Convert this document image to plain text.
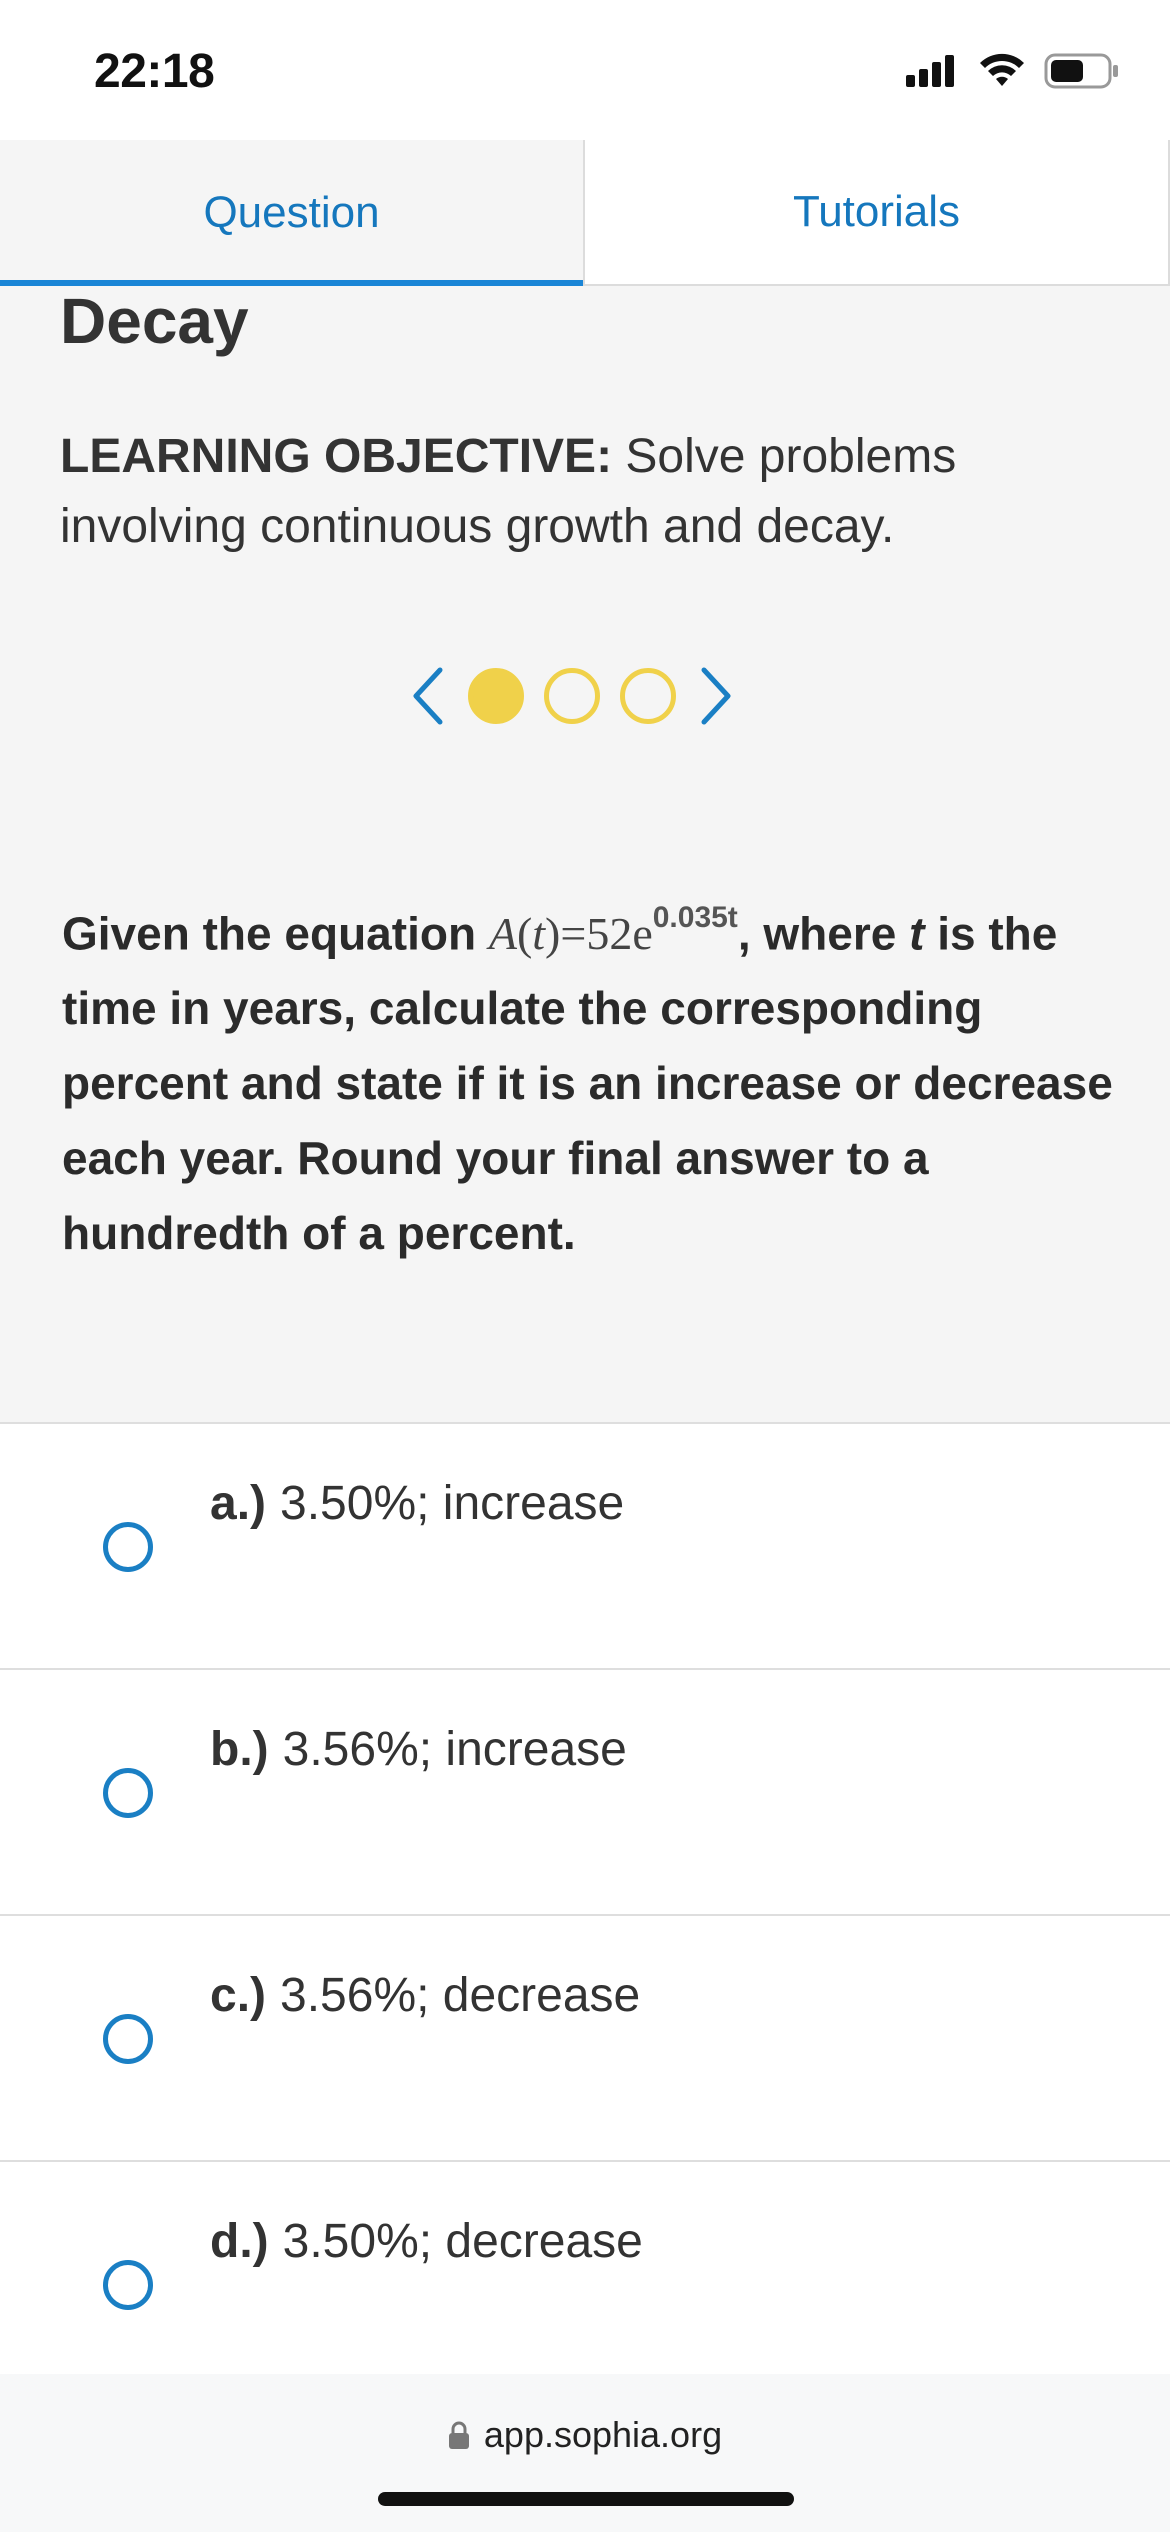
22:18
Question	Tutorials
Decay
LEARNING OBJECTIVE: Solve problems involving continuous growth and decay.
Given the equation $A(t)=52e^{0.035t}$, where t is the time in years, calculate the corresponding percent and state if it is an increase or decrease each year. Round your final answer to a hundredth of a percent.
a.) 3.50%; increase
b.) 3.56%; increase
c.) 3.56%; decrease
d.) 3.50%; decrease
app.sophia.org
